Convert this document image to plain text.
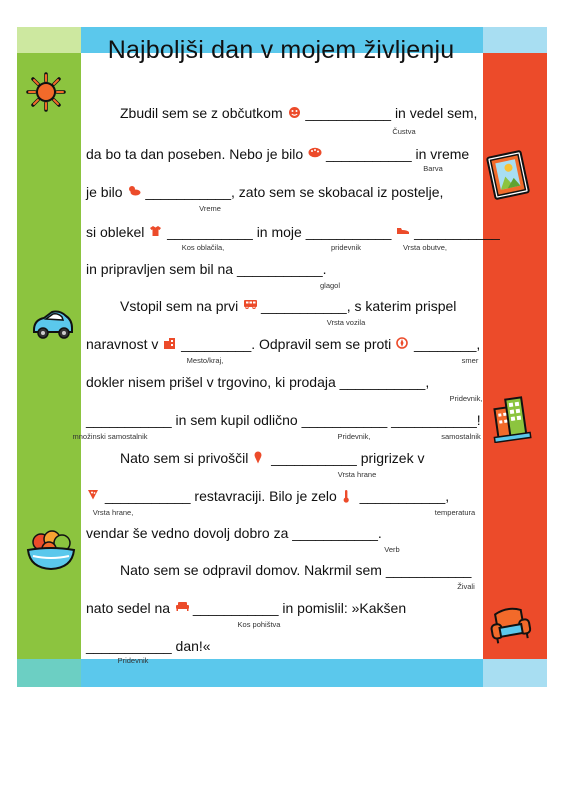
Najboljši dan v mojem življenju
Zbudil sem se z občutkom
___________ in vedel sem,
da bo ta dan poseben. Nebo je bilo
___________ in vreme
je bilo
___________, zato sem se skobacal iz postelje,
si oblekel
___________ in moje ___________
___________
in pripravljen sem bil na ___________.
Vstopil sem na prvi
___________, s katerim prispel
naravnost v
_________. Odpravil sem se proti
________,
dokler nisem prišel v trgovino, ki prodaja ___________,
___________ in sem kupil odlično ___________ ___________!
Nato sem si privoščil
___________ prigrizek v
___________ restavraciji. Bilo je zelo
___________,
vendar še vedno dovolj dobro za ___________.
Nato sem se odpravil domov. Nakrmil sem ___________
nato sedel na
___________ in pomislil: »Kakšen
___________ dan!«
Čustva
Barva
Vreme
Kos oblačila,	pridevnik	Vrsta obutve,
glagol
Vrsta vozila
Mesto/kraj,	smer
Pridevnik,
množinski samostalnik	Pridevnik,	samostalnik
Vrsta hrane
Vrsta hrane,	temperatura
Verb
Živali
Kos pohištva
Pridevnik
